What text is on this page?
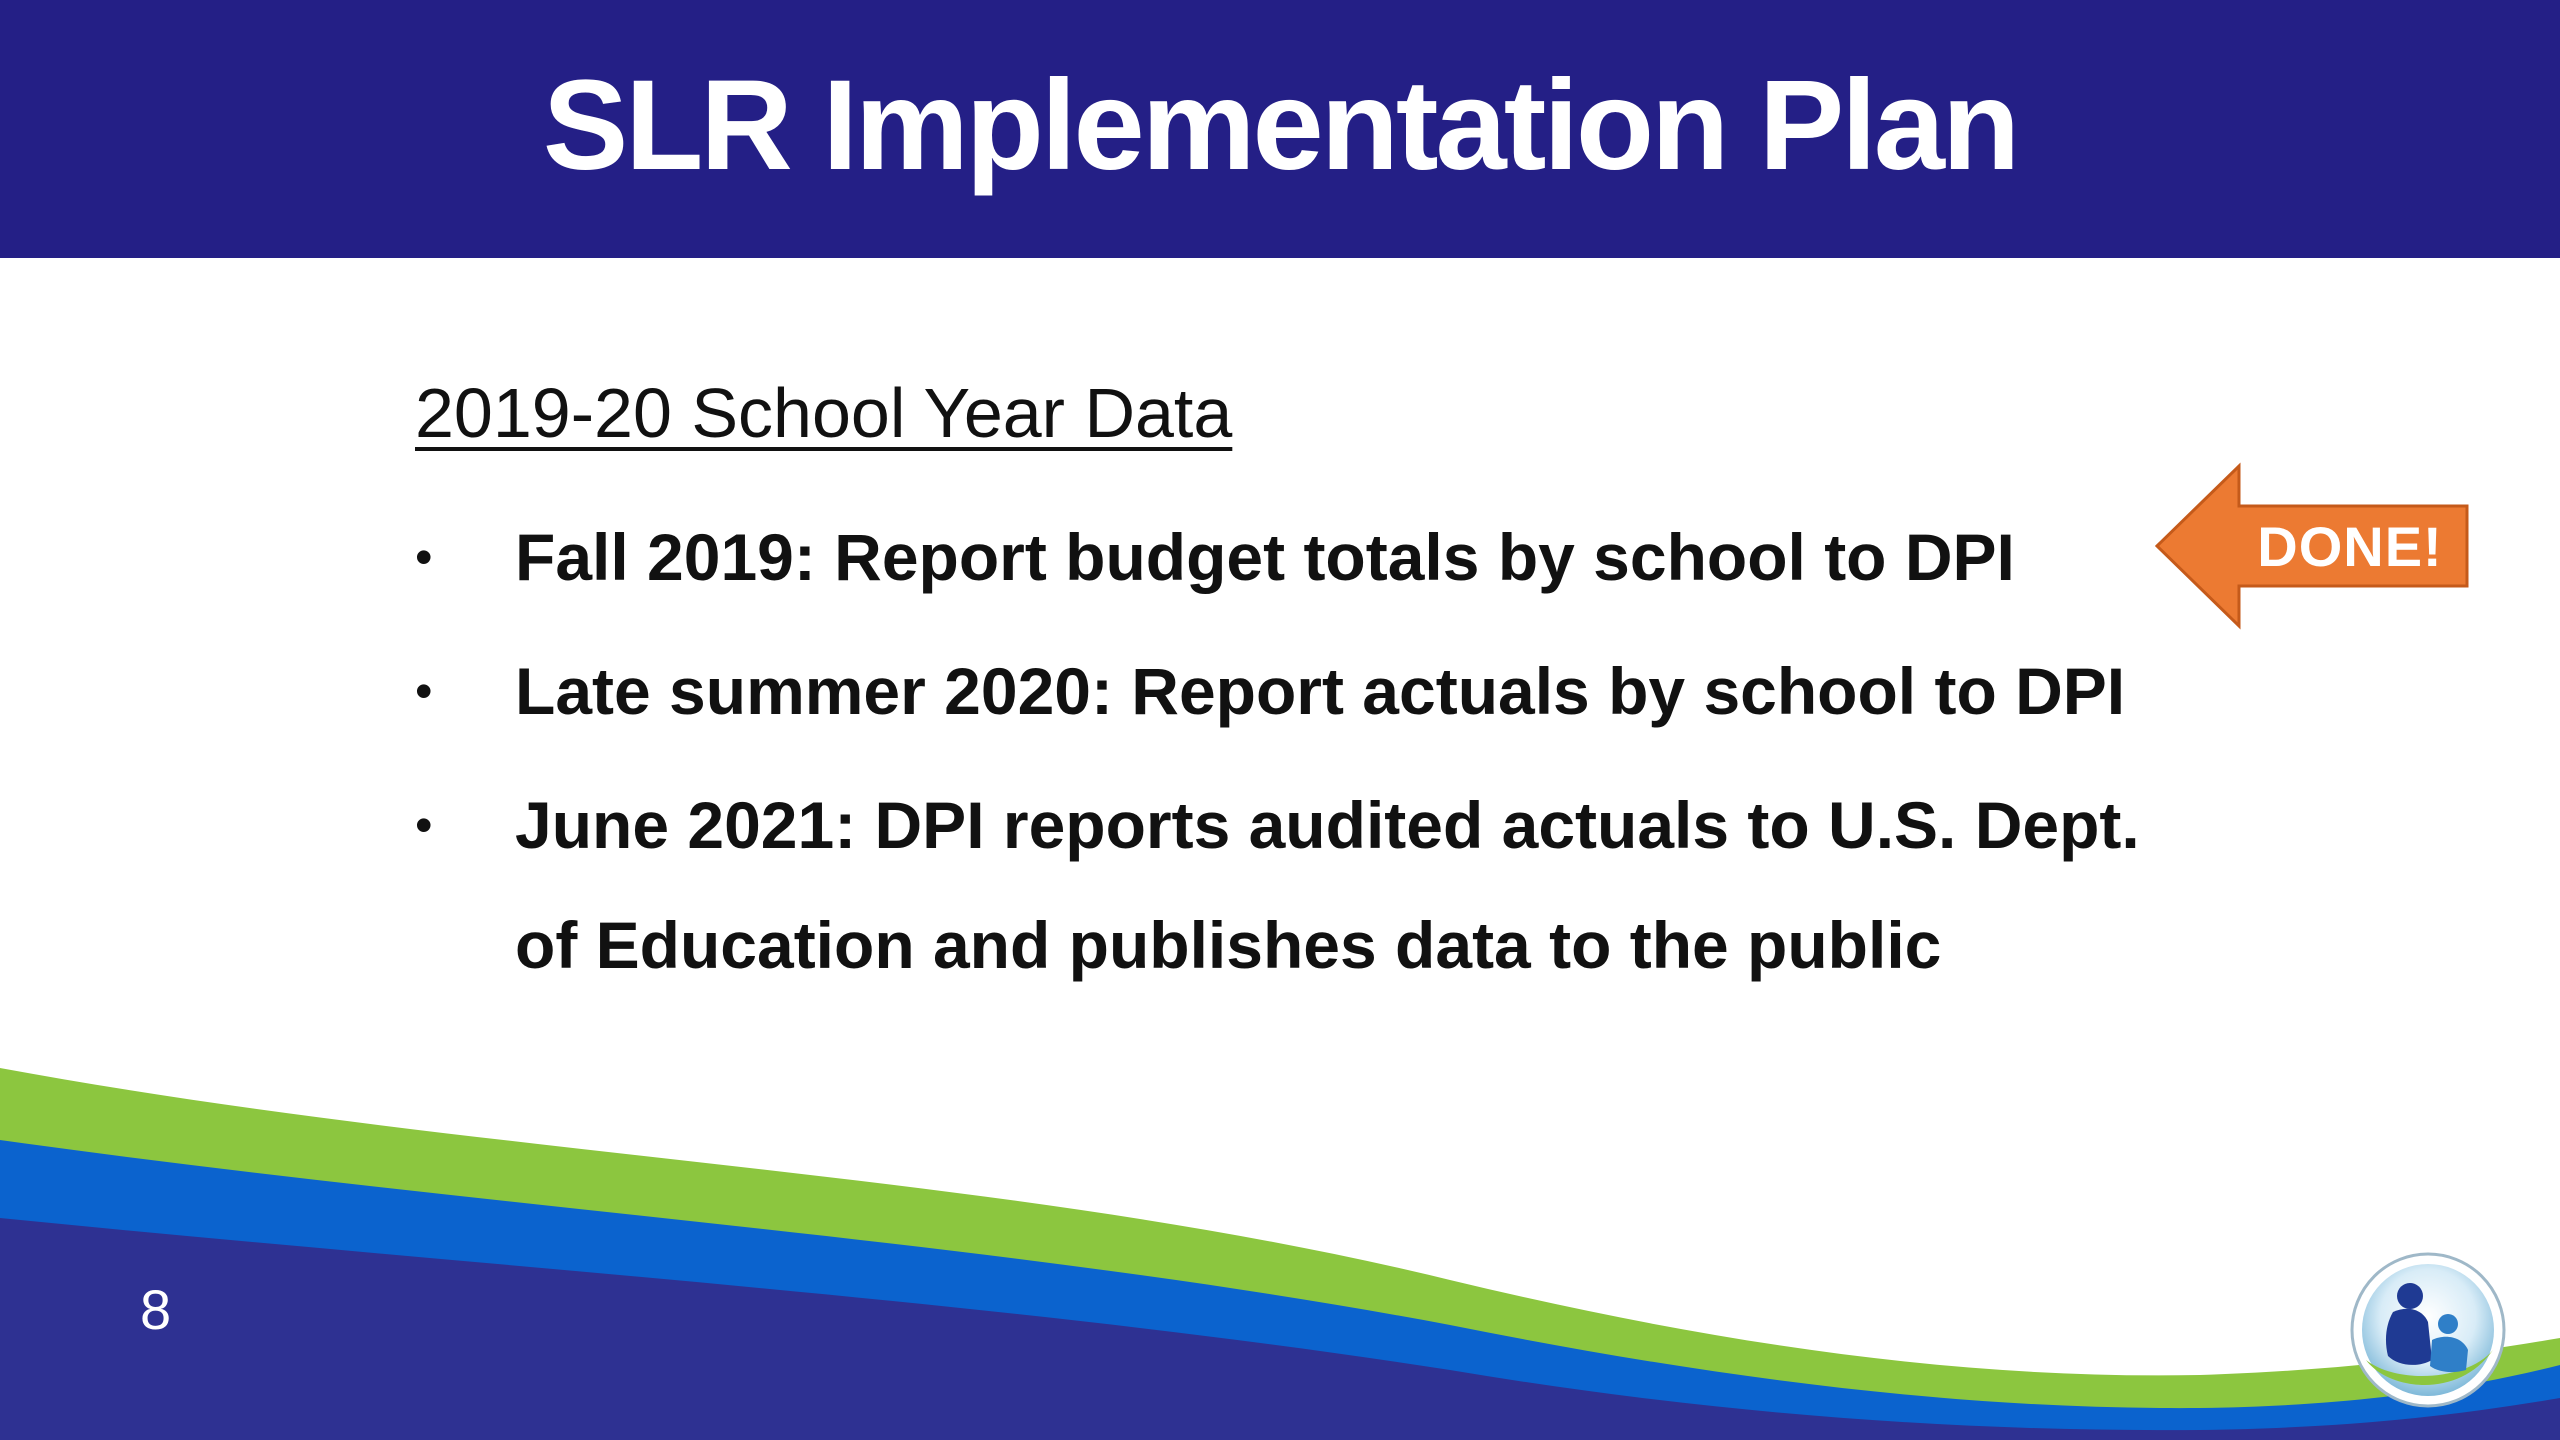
SLR Implementation Plan
2019-20 School Year Data
• Fall 2019: Report budget totals by school to DPI
• Late summer 2020: Report actuals by school to DPI
• June 2021: DPI reports audited actuals to U.S. Dept. of Education and publishes data to the public
DONE!
8
